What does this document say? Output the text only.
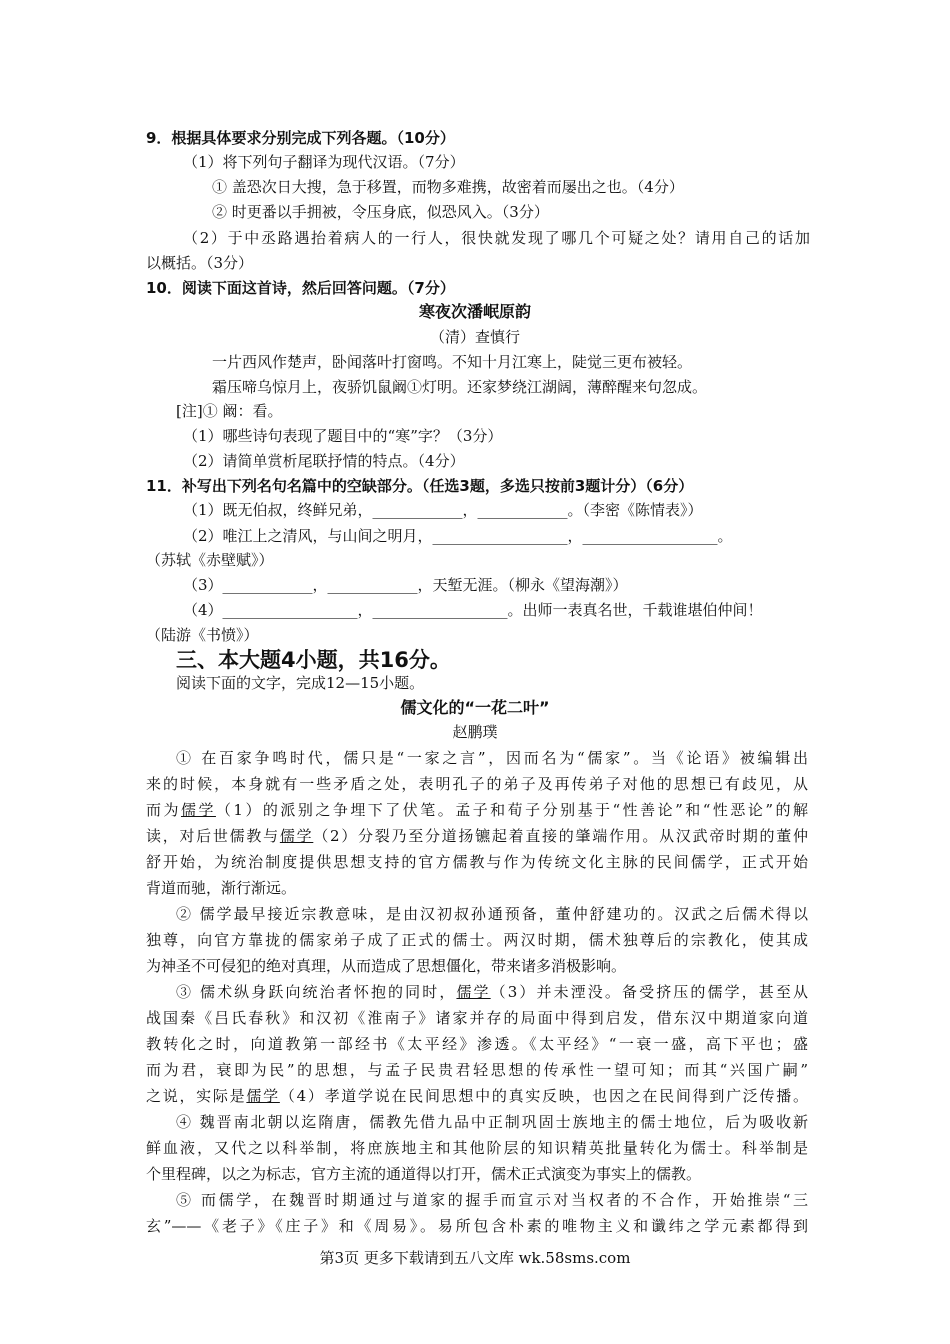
9．根据具体要求分别完成下列各题。（10分）
（1）将下列句子翻译为现代汉语。（7分）
① 盖恐次日大搜，急于移置，而物多难携，故密着而屡出之也。（4分）
② 时更番以手拥被，令压身底，似恐风入。（3分）
（2）于中丞路遇抬着病人的一行人，很快就发现了哪几个可疑之处？请用自己的话加
以概括。（3分）
10．阅读下面这首诗，然后回答问题。（7分）
寒夜次潘岷原韵
（清）查慎行
一片西风作楚声，卧闻落叶打窗鸣。不知十月江寒上，陡觉三更布被轻。
霜压啼乌惊月上，夜骄饥鼠阚①灯明。还家梦绕江湖阔，薄醉醒来句忽成。
[注]① 阚：看。
（1）哪些诗句表现了题目中的“寒”字？（3分）
（2）请简单赏析尾联抒情的特点。（4分）
11．补写出下列名句名篇中的空缺部分。（任选3题，多选只按前3题计分）（6分）
（1）既无伯叔，终鲜兄弟，____________，____________。（李密《陈情表》）
（2）唯江上之清风，与山间之明月，__________________，__________________。
（苏轼《赤壁赋》）
（3）____________，____________，天堑无涯。（柳永《望海潮》）
（4）__________________，__________________。出师一表真名世，千载谁堪伯仲间！
（陆游《书愤》）
三、本大题4小题，共16分。
阅读下面的文字，完成12—15小题。
儒文化的“一花二叶”
赵鹏璞
① 在百家争鸣时代，儒只是“一家之言”，因而名为“儒家”。当《论语》被编辑出
来的时候，本身就有一些矛盾之处，表明孔子的弟子及再传弟子对他的思想已有歧见，从
而为儒学（1）的派别之争埋下了伏笔。孟子和荀子分别基于“性善论”和“性恶论”的解
读，对后世儒教与儒学（2）分裂乃至分道扬镳起着直接的肇端作用。从汉武帝时期的董仲
舒开始，为统治制度提供思想支持的官方儒教与作为传统文化主脉的民间儒学，正式开始
背道而驰，渐行渐远。
② 儒学最早接近宗教意味，是由汉初叔孙通预备，董仲舒建功的。汉武之后儒术得以
独尊，向官方靠拢的儒家弟子成了正式的儒士。两汉时期，儒术独尊后的宗教化，使其成
为神圣不可侵犯的绝对真理，从而造成了思想僵化，带来诸多消极影响。
③ 儒术纵身跃向统治者怀抱的同时，儒学（3）并未湮没。备受挤压的儒学，甚至从
战国秦《吕氏春秋》和汉初《淮南子》诸家并存的局面中得到启发，借东汉中期道家向道
教转化之时，向道教第一部经书《太平经》渗透。《太平经》“一衰一盛，高下平也；盛
而为君，衰即为民”的思想，与孟子民贵君轻思想的传承性一望可知；而其“兴国广嗣”
之说，实际是儒学（4）孝道学说在民间思想中的真实反映，也因之在民间得到广泛传播。
④ 魏晋南北朝以迄隋唐，儒教先借九品中正制巩固士族地主的儒士地位，后为吸收新
鲜血液，又代之以科举制，将庶族地主和其他阶层的知识精英批量转化为儒士。科举制是
个里程碑，以之为标志，官方主流的通道得以打开，儒术正式演变为事实上的儒教。
⑤ 而儒学，在魏晋时期通过与道家的握手而宣示对当权者的不合作，开始推崇“三
玄”——《老子》《庄子》和《周易》。易所包含朴素的唯物主义和谶纬之学元素都得到
第3页 更多下载请到五八文库 wk.58sms.com
